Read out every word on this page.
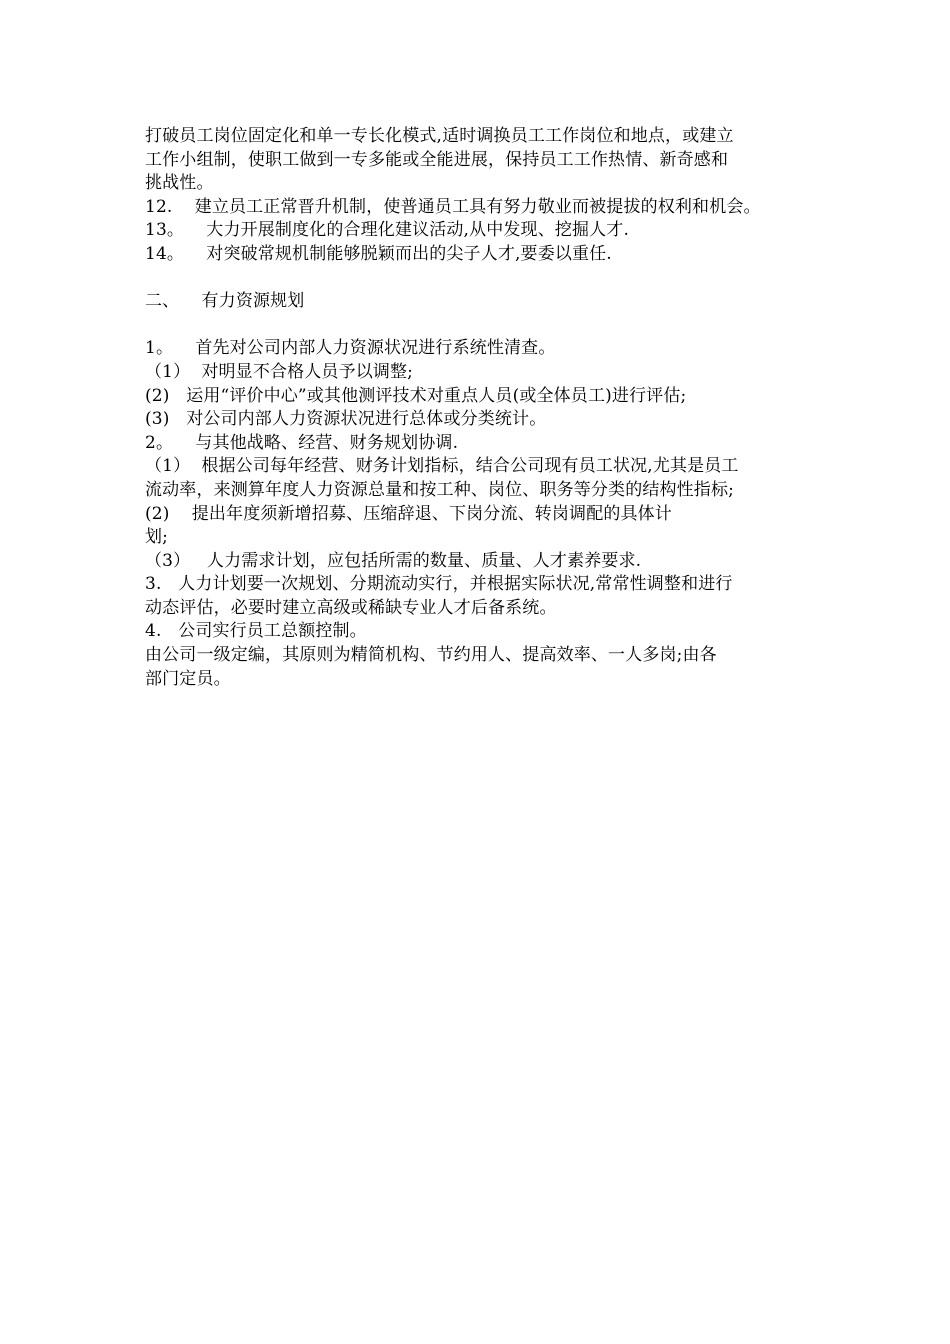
打破员工岗位固定化和单一专长化模式,适时调换员工工作岗位和地点，或建立
工作小组制，使职工做到一专多能或全能进展，保持员工工作热情、新奇感和
挑战性。
12.    建立员工正常晋升机制，使普通员工具有努力敬业而被提拔的权利和机会。
13。    大力开展制度化的合理化建议活动,从中发现、挖掘人才.
14。    对突破常规机制能够脱颖而出的尖子人才,要委以重任.
二、    有力资源规划
1。    首先对公司内部人力资源状况进行系统性清查。
（1）  对明显不合格人员予以调整;
(2)   运用“评价中心”或其他测评技术对重点人员(或全体员工)进行评估;
(3)   对公司内部人力资源状况进行总体或分类统计。
2。    与其他战略、经营、财务规划协调.
（1）  根据公司每年经营、财务计划指标，结合公司现有员工状况,尤其是员工
流动率，来测算年度人力资源总量和按工种、岗位、职务等分类的结构性指标;
(2)    提出年度须新增招募、压缩辞退、下岗分流、转岗调配的具体计
划;
（3）   人力需求计划，应包括所需的数量、质量、人才素养要求.
3.   人力计划要一次规划、分期流动实行，并根据实际状况,常常性调整和进行
动态评估，必要时建立高级或稀缺专业人才后备系统。
4.   公司实行员工总额控制。
由公司一级定编，其原则为精简机构、节约用人、提高效率、一人多岗;由各
部门定员。
